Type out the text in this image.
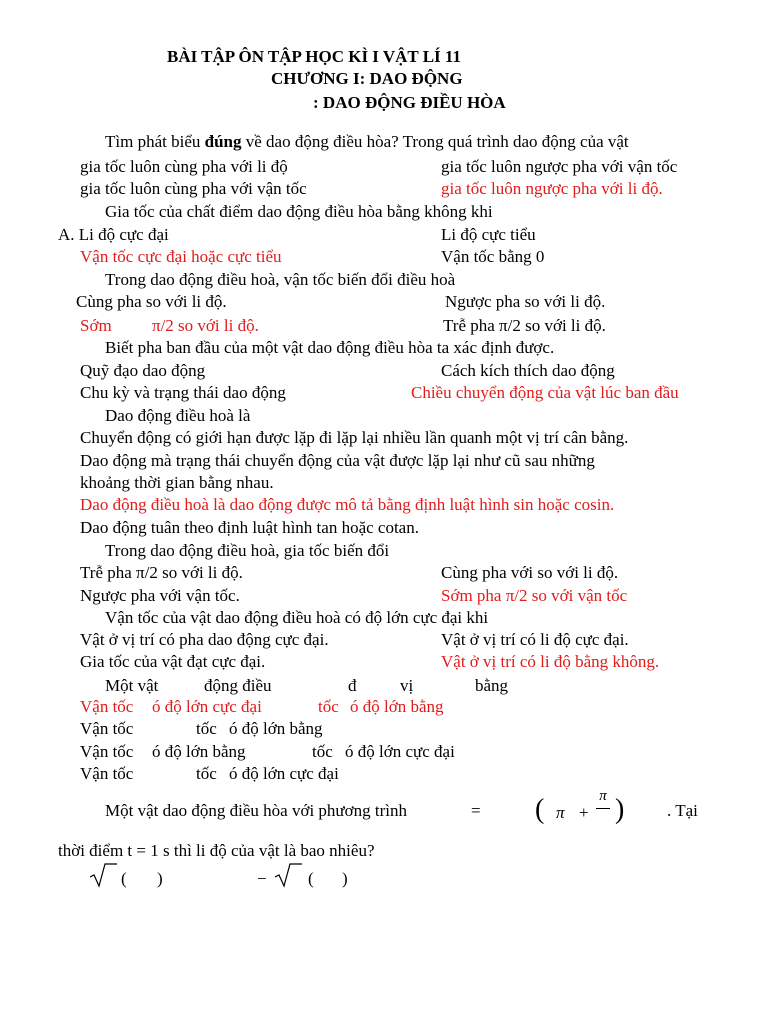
BÀI TẬP ÔN TẬP HỌC KÌ I VẬT LÍ 11
CHƯƠNG I: DAO ĐỘNG
: DAO ĐỘNG ĐIỀU HÒA
Tìm phát biểu đúng về dao động điều hòa? Trong quá trình dao động của vật
gia tốc luôn cùng pha với li độ	gia tốc luôn ngược pha với vận tốc
gia tốc luôn cùng pha với vận tốc	gia tốc luôn ngược pha với li độ.
Gia tốc của chất điểm dao động điều hòa bằng không khi
A. Li độ cực đại	Li độ cực tiểu
Vận tốc cực đại hoặc cực tiểu	Vận tốc bằng 0
Trong dao động điều hoà, vận tốc biến đổi điều hoà
Cùng pha so với li độ.	Ngược pha so với li độ.
Sớm π/2 so với li độ.	Trễ pha π/2 so với li độ.
Biết pha ban đầu của một vật dao động điều hòa ta xác định được.
Quỹ đạo dao động	Cách kích thích dao động
Chu kỳ và trạng thái dao động	Chiều chuyển động của vật lúc ban đầu
Dao động điều hoà là
Chuyển động có giới hạn được lặp đi lặp lại nhiều lần quanh một vị trí cân bằng.
Dao động mà trạng thái chuyển động của vật được lặp lại như cũ sau những
khoảng thời gian bằng nhau.
Dao động điều hoà là dao động được mô tả bằng định luật hình sin hoặc cosin.
Dao động tuân theo định luật hình tan hoặc cotan.
Trong dao động điều hoà, gia tốc biến đổi
Trễ pha π/2 so với li độ.	Cùng pha với so với li độ.
Ngược pha với vận tốc.	Sớm pha π/2 so với vận tốc
Vận tốc của vật dao động điều hoà có độ lớn cực đại khi
Vật ở vị trí có pha dao động cực đại.	Vật ở vị trí có li độ cực đại.
Gia tốc của vật đạt cực đại.	Vật ở vị trí có li độ bằng không.
Một vật	động điều	đ	vị	bằng
Vận tốc ó độ lớn cực đại	tốc ó độ lớn bằng
Vận tốc	tốc ó độ lớn bằng
Vận tốc ó độ lớn bằng	tốc ó độ lớn cực đại
Vận tốc	tốc ó độ lớn cực đại
Một vật dao động điều hòa với phương trình	= ( π +
π )	. Tại
thời điểm t = 1 s thì li độ của vật là bao nhiêu?
( )	− ( )
